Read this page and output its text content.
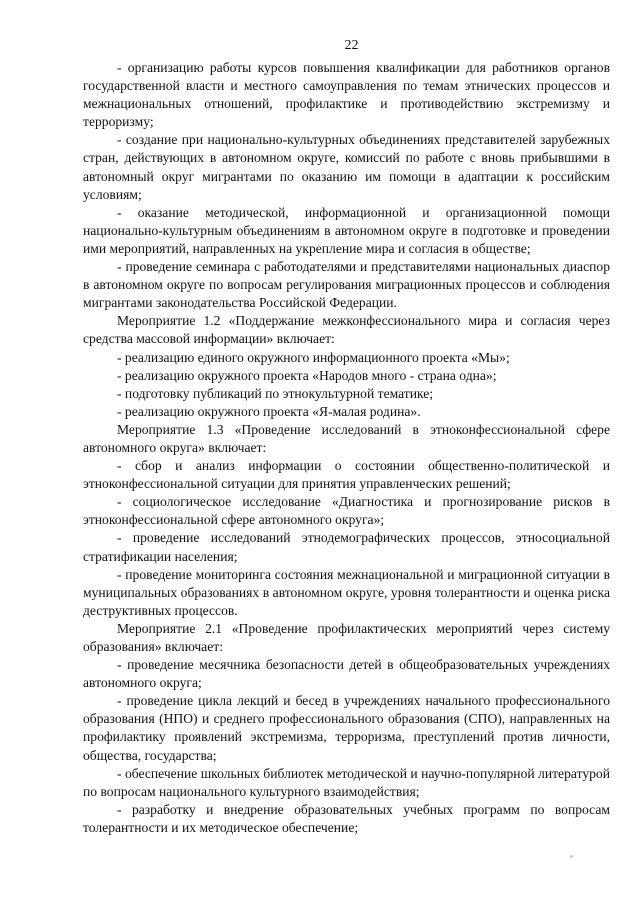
22

- организацию работы курсов повышения квалификации для работников органов государственной власти и местного самоуправления по темам этнических процессов и межнациональных отношений, профилактике и противодействию экстремизму и терроризму;

- создание при национально-культурных объединениях представителей зарубежных стран, действующих в автономном округе, комиссий по работе с вновь прибывшими в автономный округ мигрантами по оказанию им помощи в адаптации к российским условиям;

- оказание методической, информационной и организационной помощи национально-культурным объединениям в автономном округе в подготовке и проведении ими мероприятий, направленных на укрепление мира и согласия в обществе;

- проведение семинара с работодателями и представителями национальных диаспор в автономном округе по вопросам регулирования миграционных процессов и соблюдения мигрантами законодательства Российской Федерации.

Мероприятие 1.2 «Поддержание межконфессионального мира и согласия через средства массовой информации» включает:

- реализацию единого окружного информационного проекта «Мы»;

- реализацию окружного проекта «Народов много - страна одна»;

- подготовку публикаций по этнокультурной тематике;

- реализацию окружного проекта «Я-малая родина».

Мероприятие 1.3 «Проведение исследований в этноконфессиональной сфере автономного округа» включает:

- сбор и анализ информации о состоянии общественно-политической и этноконфессиональной ситуации для принятия управленческих решений;

- социологическое исследование «Диагностика и прогнозирование рисков в этноконфессиональной сфере автономного округа»;

- проведение исследований этнодемографических процессов, этносоциальной стратификации населения;

- проведение мониторинга состояния межнациональной и миграционной ситуации в муниципальных образованиях в автономном округе, уровня толерантности и оценка риска деструктивных процессов.

Мероприятие 2.1 «Проведение профилактических мероприятий через систему образования» включает:

- проведение месячника безопасности детей в общеобразовательных учреждениях автономного округа;

- проведение цикла лекций и бесед в учреждениях начального профессионального образования (НПО) и среднего профессионального образования (СПО), направленных на профилактику проявлений экстремизма, терроризма, преступлений против личности, общества, государства;

- обеспечение школьных библиотек методической и научно-популярной литературой по вопросам национального культурного взаимодействия;

- разработку и внедрение образовательных учебных программ по вопросам толерантности и их методическое обеспечение;
